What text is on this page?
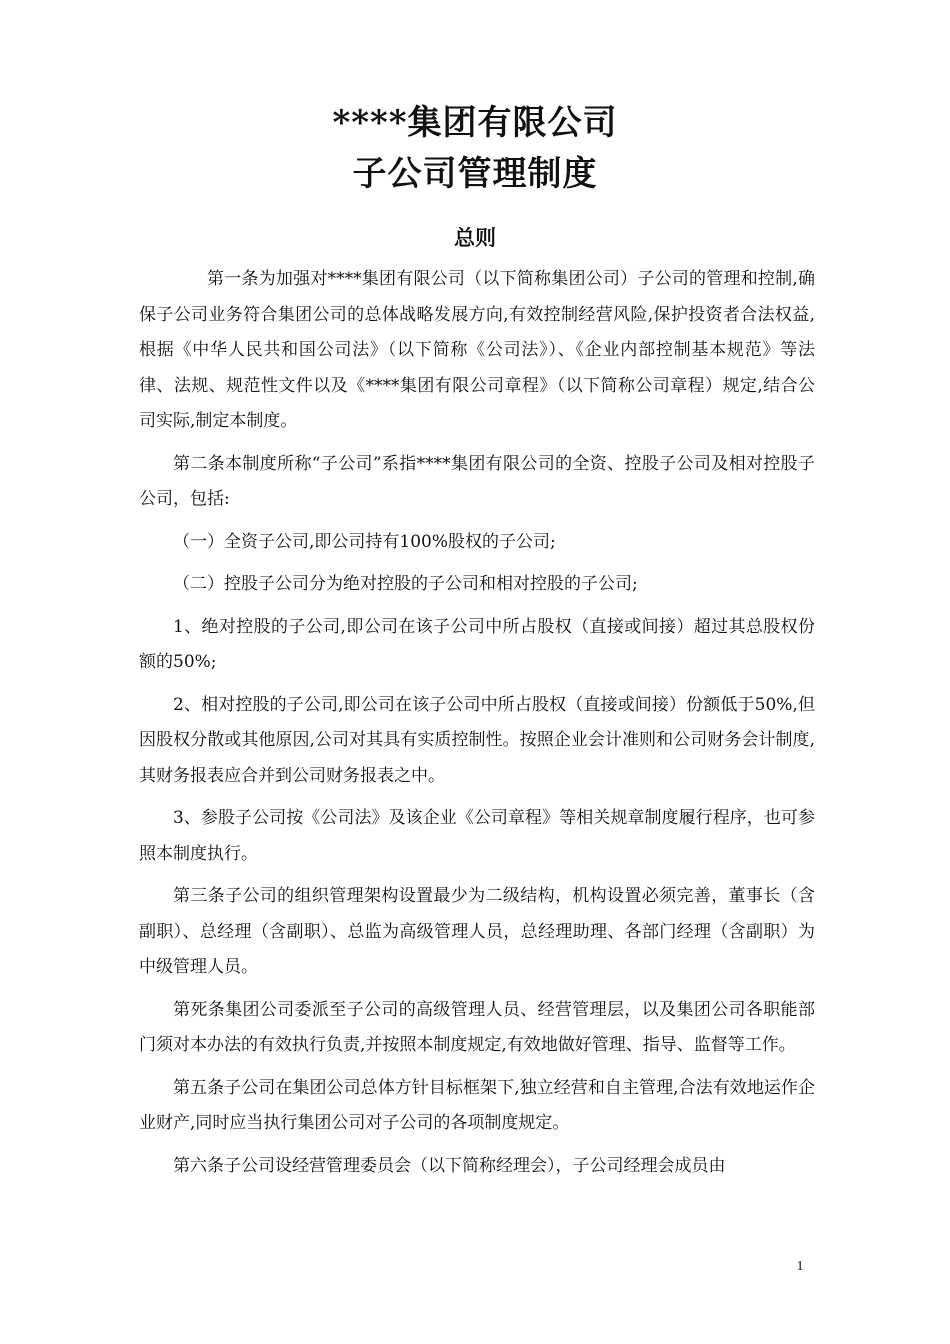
****集团有限公司
子公司管理制度
总则

第一条为加强对****集团有限公司（以下简称集团公司）子公司的管理和控制,确保子公司业务符合集团公司的总体战略发展方向,有效控制经营风险,保护投资者合法权益,根据《中华人民共和国公司法》（以下简称《公司法》）、《企业内部控制基本规范》等法律、法规、规范性文件以及《****集团有限公司章程》（以下简称公司章程）规定,结合公司实际,制定本制度。

第二条本制度所称“子公司”系指****集团有限公司的全资、控股子公司及相对控股子公司，包括:

（一）全资子公司,即公司持有100%股权的子公司;

（二）控股子公司分为绝对控股的子公司和相对控股的子公司;

1、绝对控股的子公司,即公司在该子公司中所占股权（直接或间接）超过其总股权份额的50%;

2、相对控股的子公司,即公司在该子公司中所占股权（直接或间接）份额低于50%,但因股权分散或其他原因,公司对其具有实质控制性。按照企业会计准则和公司财务会计制度,其财务报表应合并到公司财务报表之中。

3、参股子公司按《公司法》及该企业《公司章程》等相关规章制度履行程序，也可参照本制度执行。

第三条子公司的组织管理架构设置最少为二级结构，机构设置必须完善，董事长（含副职）、总经理（含副职）、总监为高级管理人员，总经理助理、各部门经理（含副职）为中级管理人员。

第死条集团公司委派至子公司的高级管理人员、经营管理层，以及集团公司各职能部门须对本办法的有效执行负责,并按照本制度规定,有效地做好管理、指导、监督等工作。

第五条子公司在集团公司总体方针目标框架下,独立经营和自主管理,合法有效地运作企业财产,同时应当执行集团公司对子公司的各项制度规定。

第六条子公司设经营管理委员会（以下简称经理会），子公司经理会成员由

1
